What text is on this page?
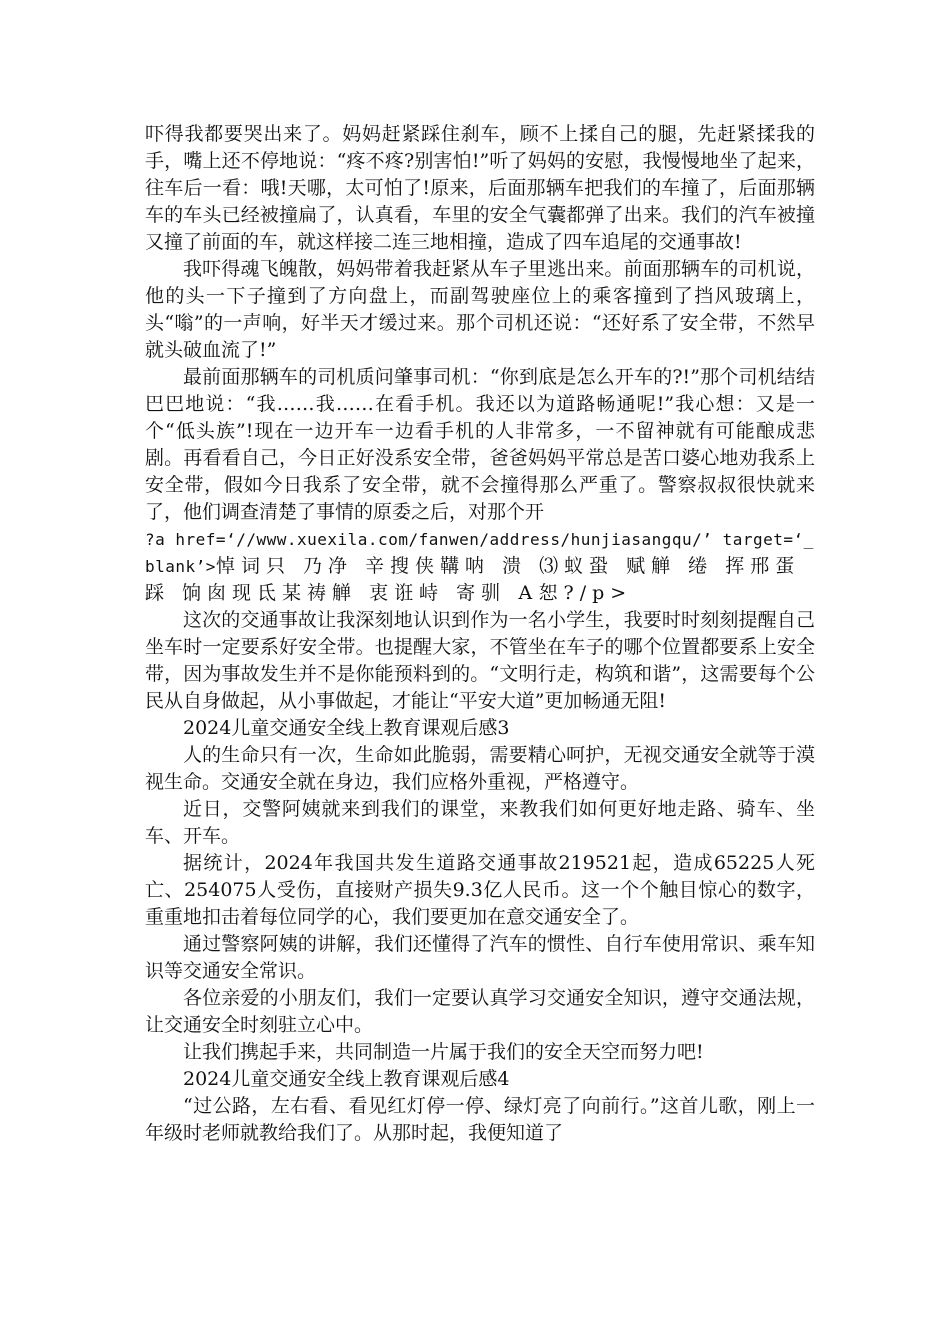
吓得我都要哭出来了。妈妈赶紧踩住刹车，顾不上揉自己的腿，先赶紧揉我的手，嘴上还不停地说：“疼不疼?别害怕!”听了妈妈的安慰，我慢慢地坐了起来，往车后一看：哦!天哪，太可怕了!原来，后面那辆车把我们的车撞了，后面那辆车的车头已经被撞扁了，认真看，车里的安全气囊都弹了出来。我们的汽车被撞又撞了前面的车，就这样接二连三地相撞，造成了四车追尾的交通事故!

我吓得魂飞魄散，妈妈带着我赶紧从车子里逃出来。前面那辆车的司机说，他的头一下子撞到了方向盘上，而副驾驶座位上的乘客撞到了挡风玻璃上，头“嗡”的一声响，好半天才缓过来。那个司机还说：“还好系了安全带，不然早就头破血流了!”

最前面那辆车的司机质问肇事司机：“你到底是怎么开车的?!”那个司机结结巴巴地说：“我……我……在看手机。我还以为道路畅通呢!”我心想：又是一个“低头族”!现在一边开车一边看手机的人非常多，一不留神就有可能酿成悲剧。再看看自己，今日正好没系安全带，爸爸妈妈平常总是苦口婆心地劝我系上安全带，假如今日我系了安全带，就不会撞得那么严重了。警察叔叔很快就来了，他们调查清楚了事情的原委之后，对那个开

?a href=‘//www.xuexila.com/fanwen/address/hunjiasangqu/’ target=‘_blank’>悼词只 乃净 辛搜侠鞲呐 溃 ⑶蚁蛩 赋觯 绻 挥邢蛋踩 饷囱现氐某祷觯 衷诳峙 寄驯 А恕?/p>

这次的交通事故让我深刻地认识到作为一名小学生，我要时时刻刻提醒自己坐车时一定要系好安全带。也提醒大家，不管坐在车子的哪个位置都要系上安全带，因为事故发生并不是你能预料到的。“文明行走，构筑和谐”，这需要每个公民从自身做起，从小事做起，才能让“平安大道”更加畅通无阻!

2024儿童交通安全线上教育课观后感3

人的生命只有一次，生命如此脆弱，需要精心呵护，无视交通安全就等于漠视生命。交通安全就在身边，我们应格外重视，严格遵守。

近日，交警阿姨就来到我们的课堂，来教我们如何更好地走路、骑车、坐车、开车。

据统计，2024年我国共发生道路交通事故219521起，造成65225人死亡、254075人受伤，直接财产损失9.3亿人民币。这一个个触目惊心的数字，重重地扣击着每位同学的心，我们要更加在意交通安全了。

通过警察阿姨的讲解，我们还懂得了汽车的惯性、自行车使用常识、乘车知识等交通安全常识。

各位亲爱的小朋友们，我们一定要认真学习交通安全知识，遵守交通法规，让交通安全时刻驻立心中。

让我们携起手来，共同制造一片属于我们的安全天空而努力吧!

2024儿童交通安全线上教育课观后感4

“过公路，左右看、看见红灯停一停、绿灯亮了向前行。”这首儿歌，刚上一年级时老师就教给我们了。从那时起，我便知道了
